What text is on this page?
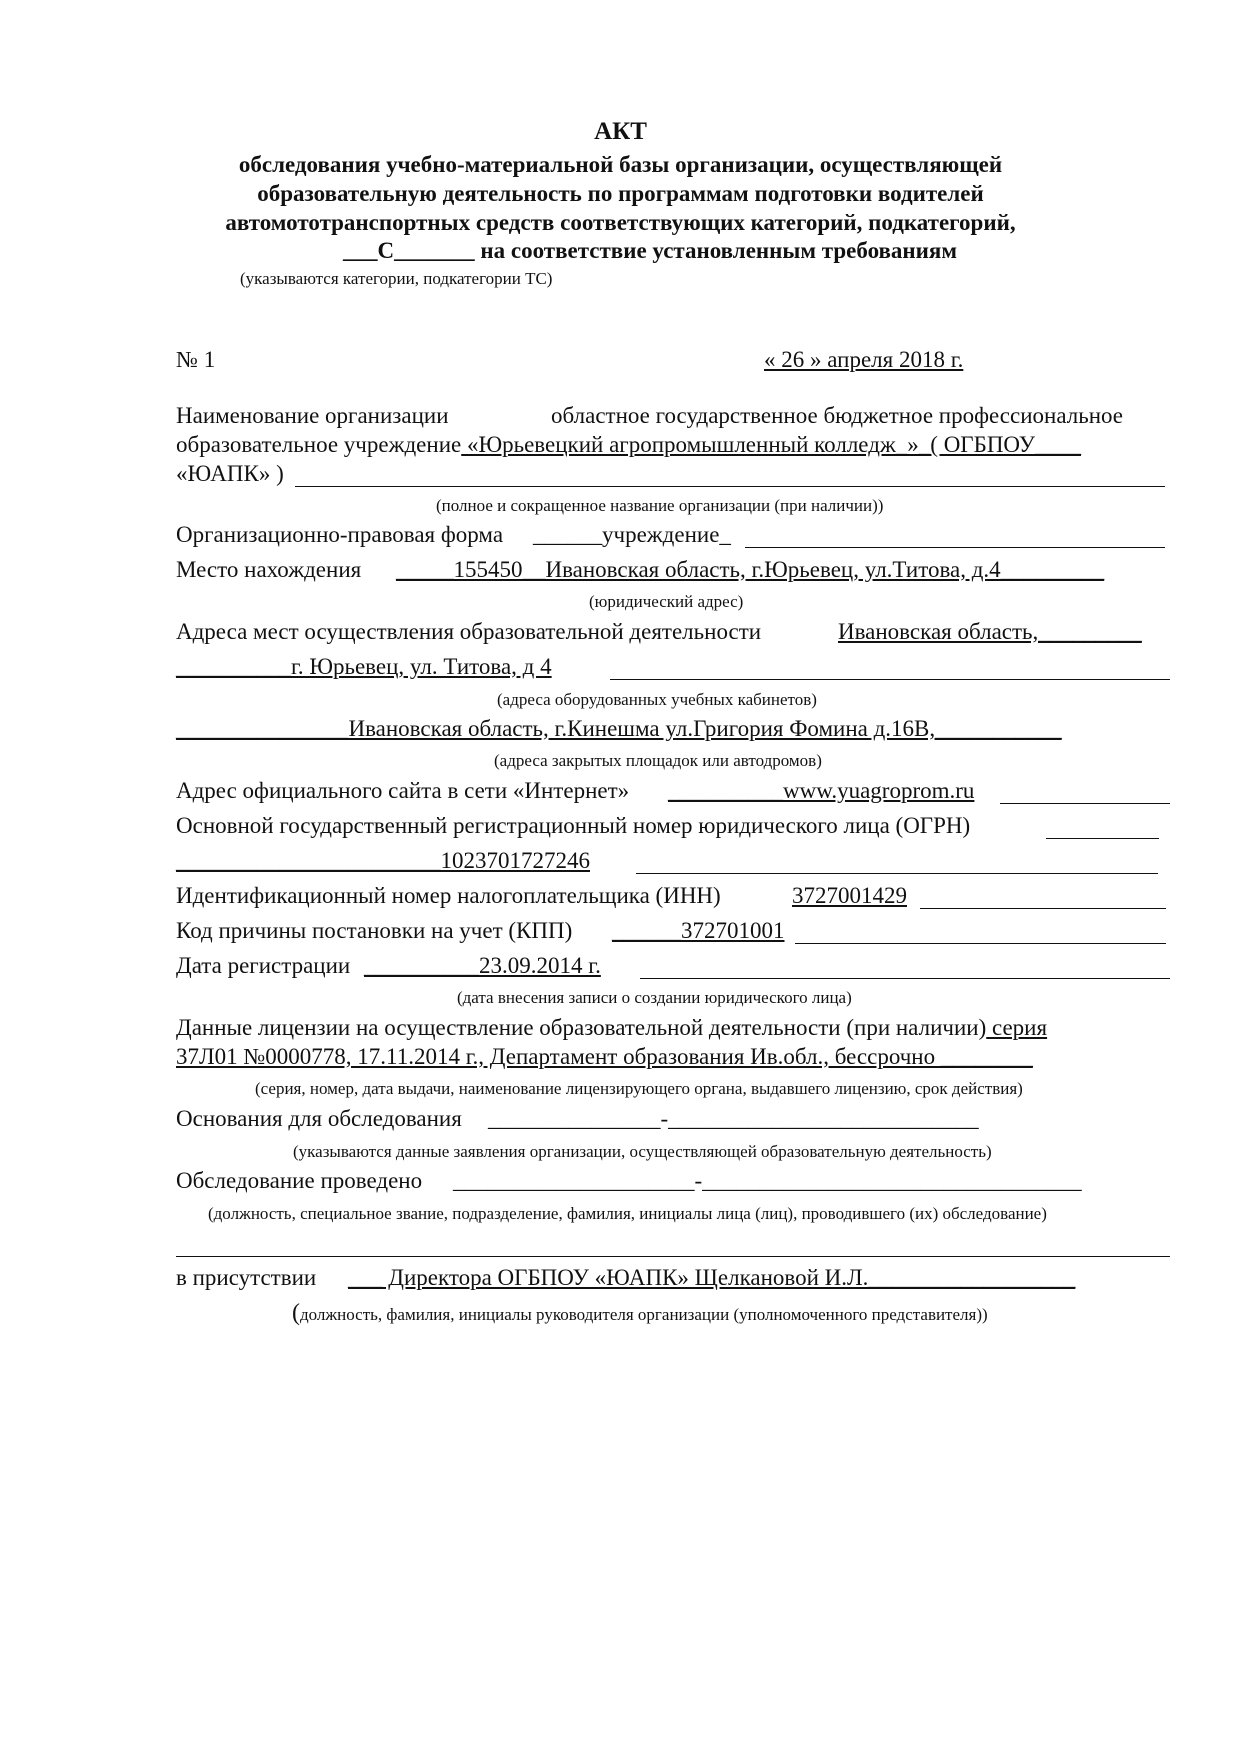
АКТ
обследования учебно-материальной базы организации, осуществляющей
образовательную деятельность по программам подготовки водителей
автомототранспортных средств соответствующих категорий, подкатегорий,
___С_______ на соответствие установленным требованиям
(указываются категории, подкатегории ТС)
№ 1	« 26 » апреля 2018 г.
Наименование организации	областное государственное бюджетное профессиональное
образовательное учреждение «Юрьевецкий агропромышленный колледж_»_( ОГБПОУ____
«ЮАПК» )
(полное и сокращенное название организации (при наличии))
Организационно-правовая форма ______учреждение_
Место нахождения _____155450__Ивановская область, г.Юрьевец, ул.Титова, д.4_________
(юридический адрес)
Адреса мест осуществления образовательной деятельности	Ивановская область,_________
__________г. Юрьевец, ул. Титова, д 4
(адреса оборудованных учебных кабинетов)
_______________Ивановская область, г.Кинешма ул.Григория Фомина д.16В,___________
(адреса закрытых площадок или автодромов)
Адрес официального сайта в сети «Интернет» __________www.yuagroprom.ru
Основной государственный регистрационный номер юридического лица (ОГРН)
_______________________1023701727246
Идентификационный номер налогоплательщика (ИНН)	3727001429
Код причины постановки на учет (КПП) ______372701001
Дата регистрации __________23.09.2014 г.
(дата внесения записи о создании юридического лица)
Данные лицензии на осуществление образовательной деятельности (при наличии) серия
37Л01 №0000778, 17.11.2014 г., Департамент образования Ив.обл., бессрочно ________
(серия, номер, дата выдачи, наименование лицензирующего органа, выдавшего лицензию, срок действия)
Основания для обследования _______________-___________________________
(указываются данные заявления организации, осуществляющей образовательную деятельность)
Обследование проведено _____________________-_________________________________
(должность, специальное звание, подразделение, фамилия, инициалы лица (лиц), проводившего (их) обследование)
в присутствии ___ Директора ОГБПОУ «ЮАПК» Щелкановой И.Л.__________________
(должность, фамилия, инициалы руководителя организации (уполномоченного представителя))
